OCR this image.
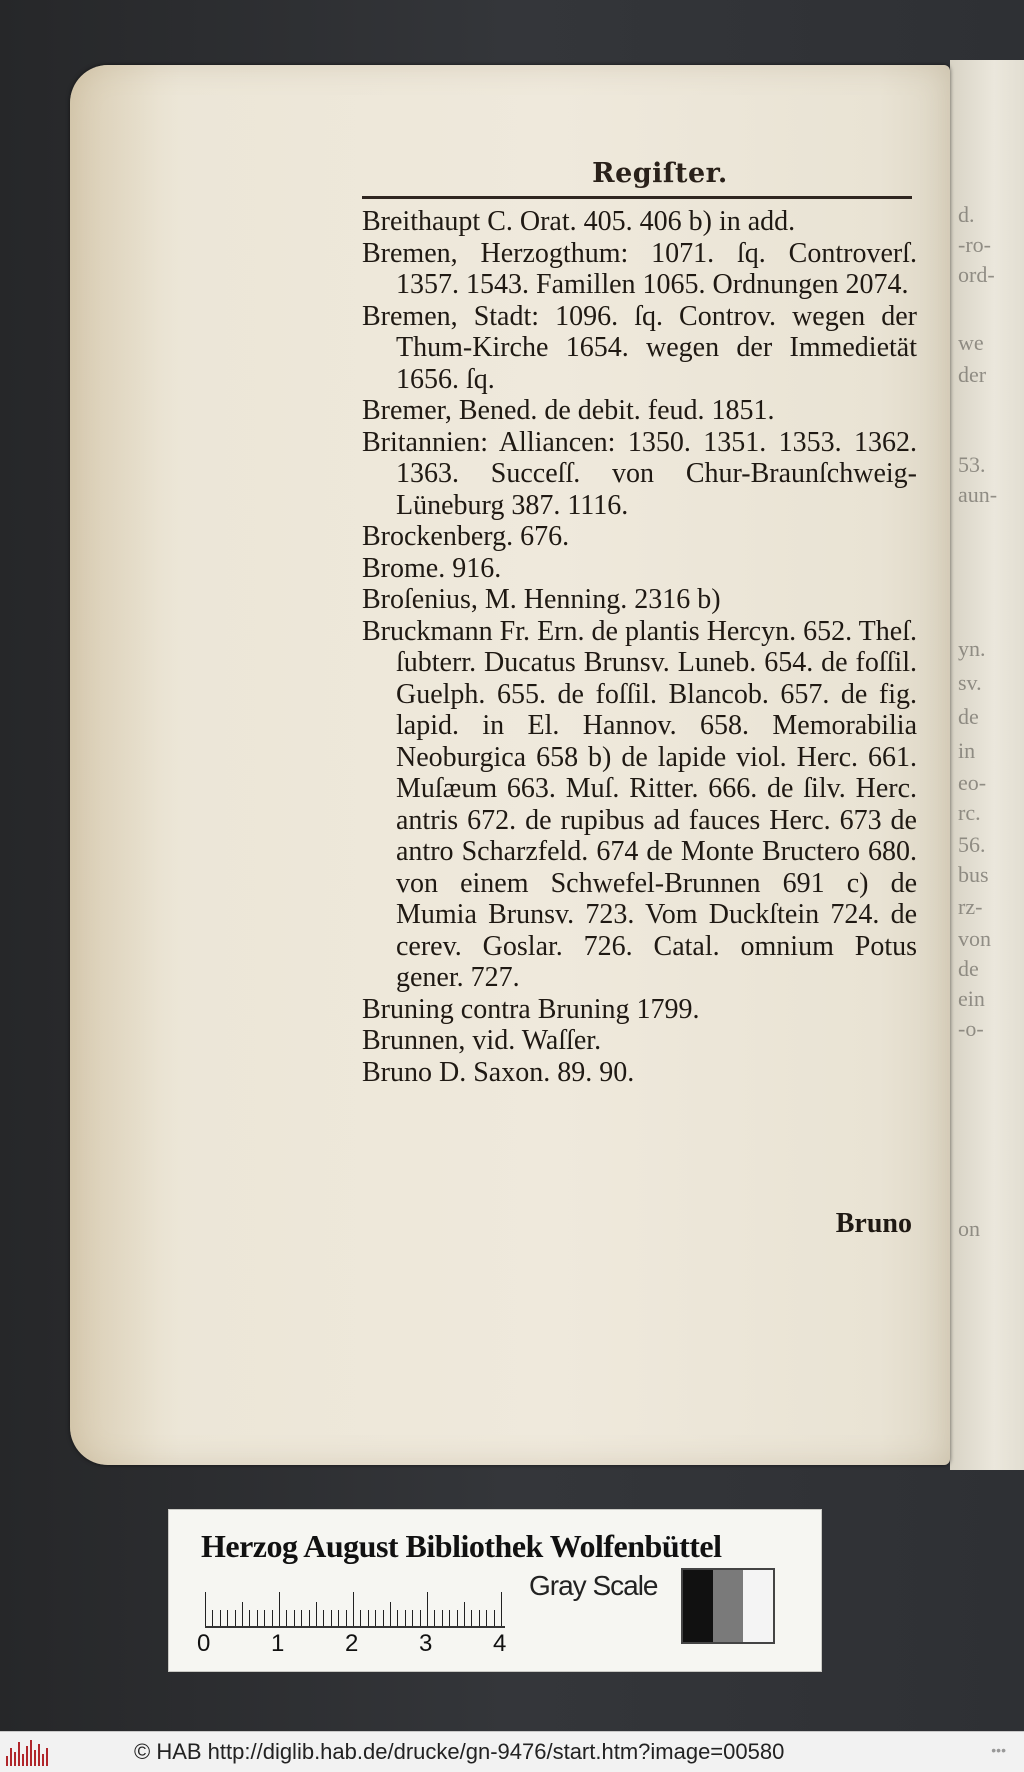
d.
-ro-
ord-
we
der
53.
aun-
yn.
sv.
de
in
eo-
rc.
56.
bus
rz-
von
de
ein
-o-
on
Regiſter.

Breithaupt C. Orat. 405. 406 b) in add.

Bremen, Herzogthum: 1071. ſq. Controverſ. 1357. 1543. Famillen 1065. Ordnungen 2074.

Bremen, Stadt: 1096. ſq. Controv. wegen der Thum-Kirche 1654. wegen der Immedietät 1656. ſq.

Bremer, Bened. de debit. feud. 1851.

Britannien: Alliancen: 1350. 1351. 1353. 1362. 1363. Succeſſ. von Chur-Braunſchweig-Lüneburg 387. 1116.

Brockenberg. 676.

Brome. 916.

Broſenius, M. Henning. 2316 b)

Bruckmann Fr. Ern. de plantis Hercyn. 652. Theſ. ſubterr. Ducatus Brunsv. Luneb. 654. de foſſil. Guelph. 655. de foſſil. Blancob. 657. de fig. lapid. in El. Hannov. 658. Memorabilia Neoburgica 658 b) de lapide viol. Herc. 661. Muſæum 663. Muſ. Ritter. 666. de ſilv. Herc. antris 672. de rupibus ad fauces Herc. 673 de antro Scharzfeld. 674 de Monte Bructero 680. von einem Schwefel-Brunnen 691 c) de Mumia Brunsv. 723. Vom Duckſtein 724. de cerev. Goslar. 726. Catal. omnium Potus gener. 727.

Bruning contra Bruning 1799.

Brunnen, vid. Waſſer.

Bruno D. Saxon. 89. 90.

Bruno
Herzog August Bibliothek Wolfenbüttel
0	1	2	3	4
Gray Scale
© HAB http://diglib.hab.de/drucke/gn-9476/start.htm?image=00580	•••
